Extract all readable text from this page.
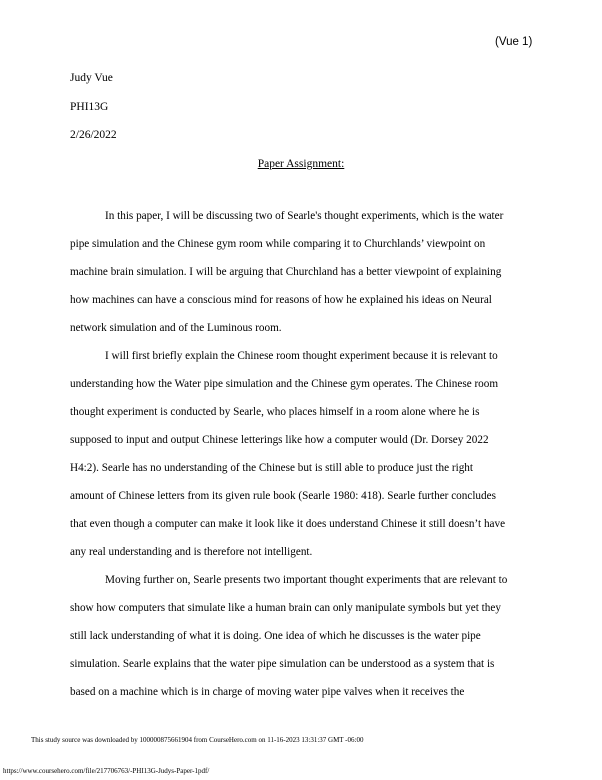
(Vue 1)
Judy Vue
PHI13G
2/26/2022
Paper Assignment:
In this paper, I will be discussing two of Searle's thought experiments, which is the water
pipe simulation and the Chinese gym room while comparing it to Churchlands’ viewpoint on
machine brain simulation. I will be arguing that Churchland has a better viewpoint of explaining
how machines can have a conscious mind for reasons of how he explained his ideas on Neural
network simulation and of the Luminous room.
I will first briefly explain the Chinese room thought experiment because it is relevant to
understanding how the Water pipe simulation and the Chinese gym operates. The Chinese room
thought experiment is conducted by Searle, who places himself in a room alone where he is
supposed to input and output Chinese letterings like how a computer would (Dr. Dorsey 2022
H4:2). Searle has no understanding of the Chinese but is still able to produce just the right
amount of Chinese letters from its given rule book (Searle 1980: 418). Searle further concludes
that even though a computer can make it look like it does understand Chinese it still doesn’t have
any real understanding and is therefore not intelligent.
Moving further on, Searle presents two important thought experiments that are relevant to
show how computers that simulate like a human brain can only manipulate symbols but yet they
still lack understanding of what it is doing. One idea of which he discusses is the water pipe
simulation. Searle explains that the water pipe simulation can be understood as a system that is
based on a machine which is in charge of moving water pipe valves when it receives the
This study source was downloaded by 100000875661904 from CourseHero.com on 11-16-2023 13:31:37 GMT -06:00
https://www.coursehero.com/file/217706763/-PHI13G-Judys-Paper-1pdf/
